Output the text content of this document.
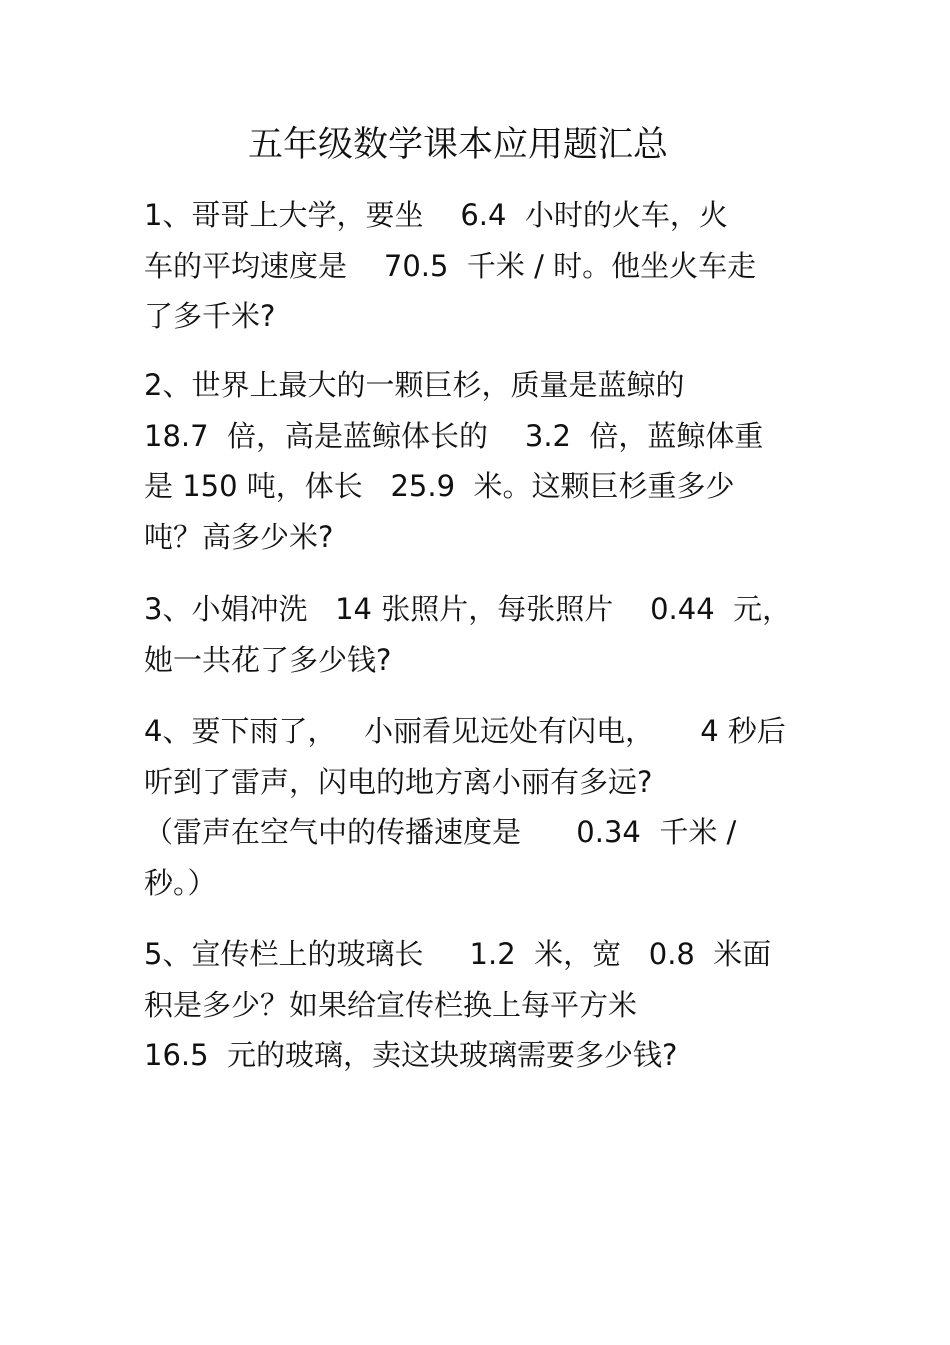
五年级数学课本应用题汇总
1、哥哥上大学，要坐    6.4  小时的火车，火
车的平均速度是    70.5  千米 / 时。他坐火车走
了多千米?
2、世界上最大的一颗巨杉，质量是蓝鲸的
18.7  倍，高是蓝鲸体长的    3.2  倍，蓝鲸体重
是 150 吨，体长   25.9  米。这颗巨杉重多少
吨？高多少米?
3、小娟冲洗   14 张照片，每张照片    0.44  元，
她一共花了多少钱?
4、要下雨了，   小丽看见远处有闪电，     4 秒后
听到了雷声，闪电的地方离小丽有多远?
（雷声在空气中的传播速度是      0.34  千米 /
秒。）
5、宣传栏上的玻璃长     1.2  米，宽   0.8  米面
积是多少？如果给宣传栏换上每平方米
16.5  元的玻璃，卖这块玻璃需要多少钱?
